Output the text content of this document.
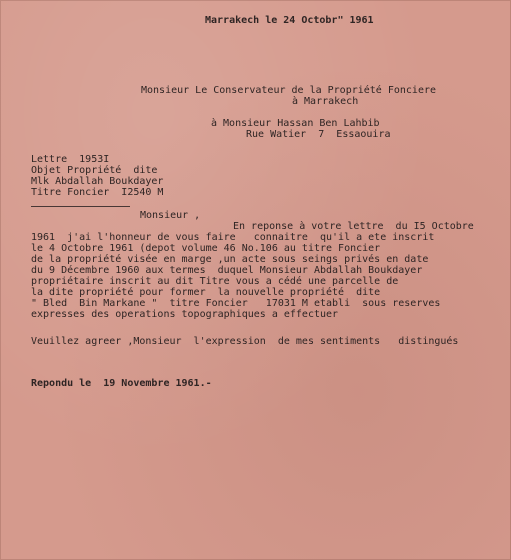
Marrakech le 24 Octobr" 1961

Monsieur Le Conservateur de la Propriété Fonciere

à Marrakech

à Monsieur Hassan Ben Lahbib

Rue Watier  7  Essaouira

Lettre  1953I

Objet Propriété  dite

Mlk Abdallah Boukdayer

Titre Foncier  I2540 M

Monsieur ,

En reponse à votre lettre  du I5 Octobre

1961  j'ai l'honneur de vous faire   connaitre  qu'il a ete inscrit

le 4 Octobre 1961 (depot volume 46 No.106 au titre Foncier

de la propriété visée en marge ,un acte sous seings privés en date

du 9 Décembre 1960 aux termes  duquel Monsieur Abdallah Boukdayer

propriétaire inscrit au dit Titre vous a cédé une parcelle de

la dite propriété pour former  la nouvelle propriété  dite

" Bled  Bin Markane "  titre Foncier   17031 M etabli  sous reserves

expresses des operations topographiques a effectuer

Veuillez agreer ,Monsieur  l'expression  de mes sentiments   distingués

Repondu le  19 Novembre 1961.-
